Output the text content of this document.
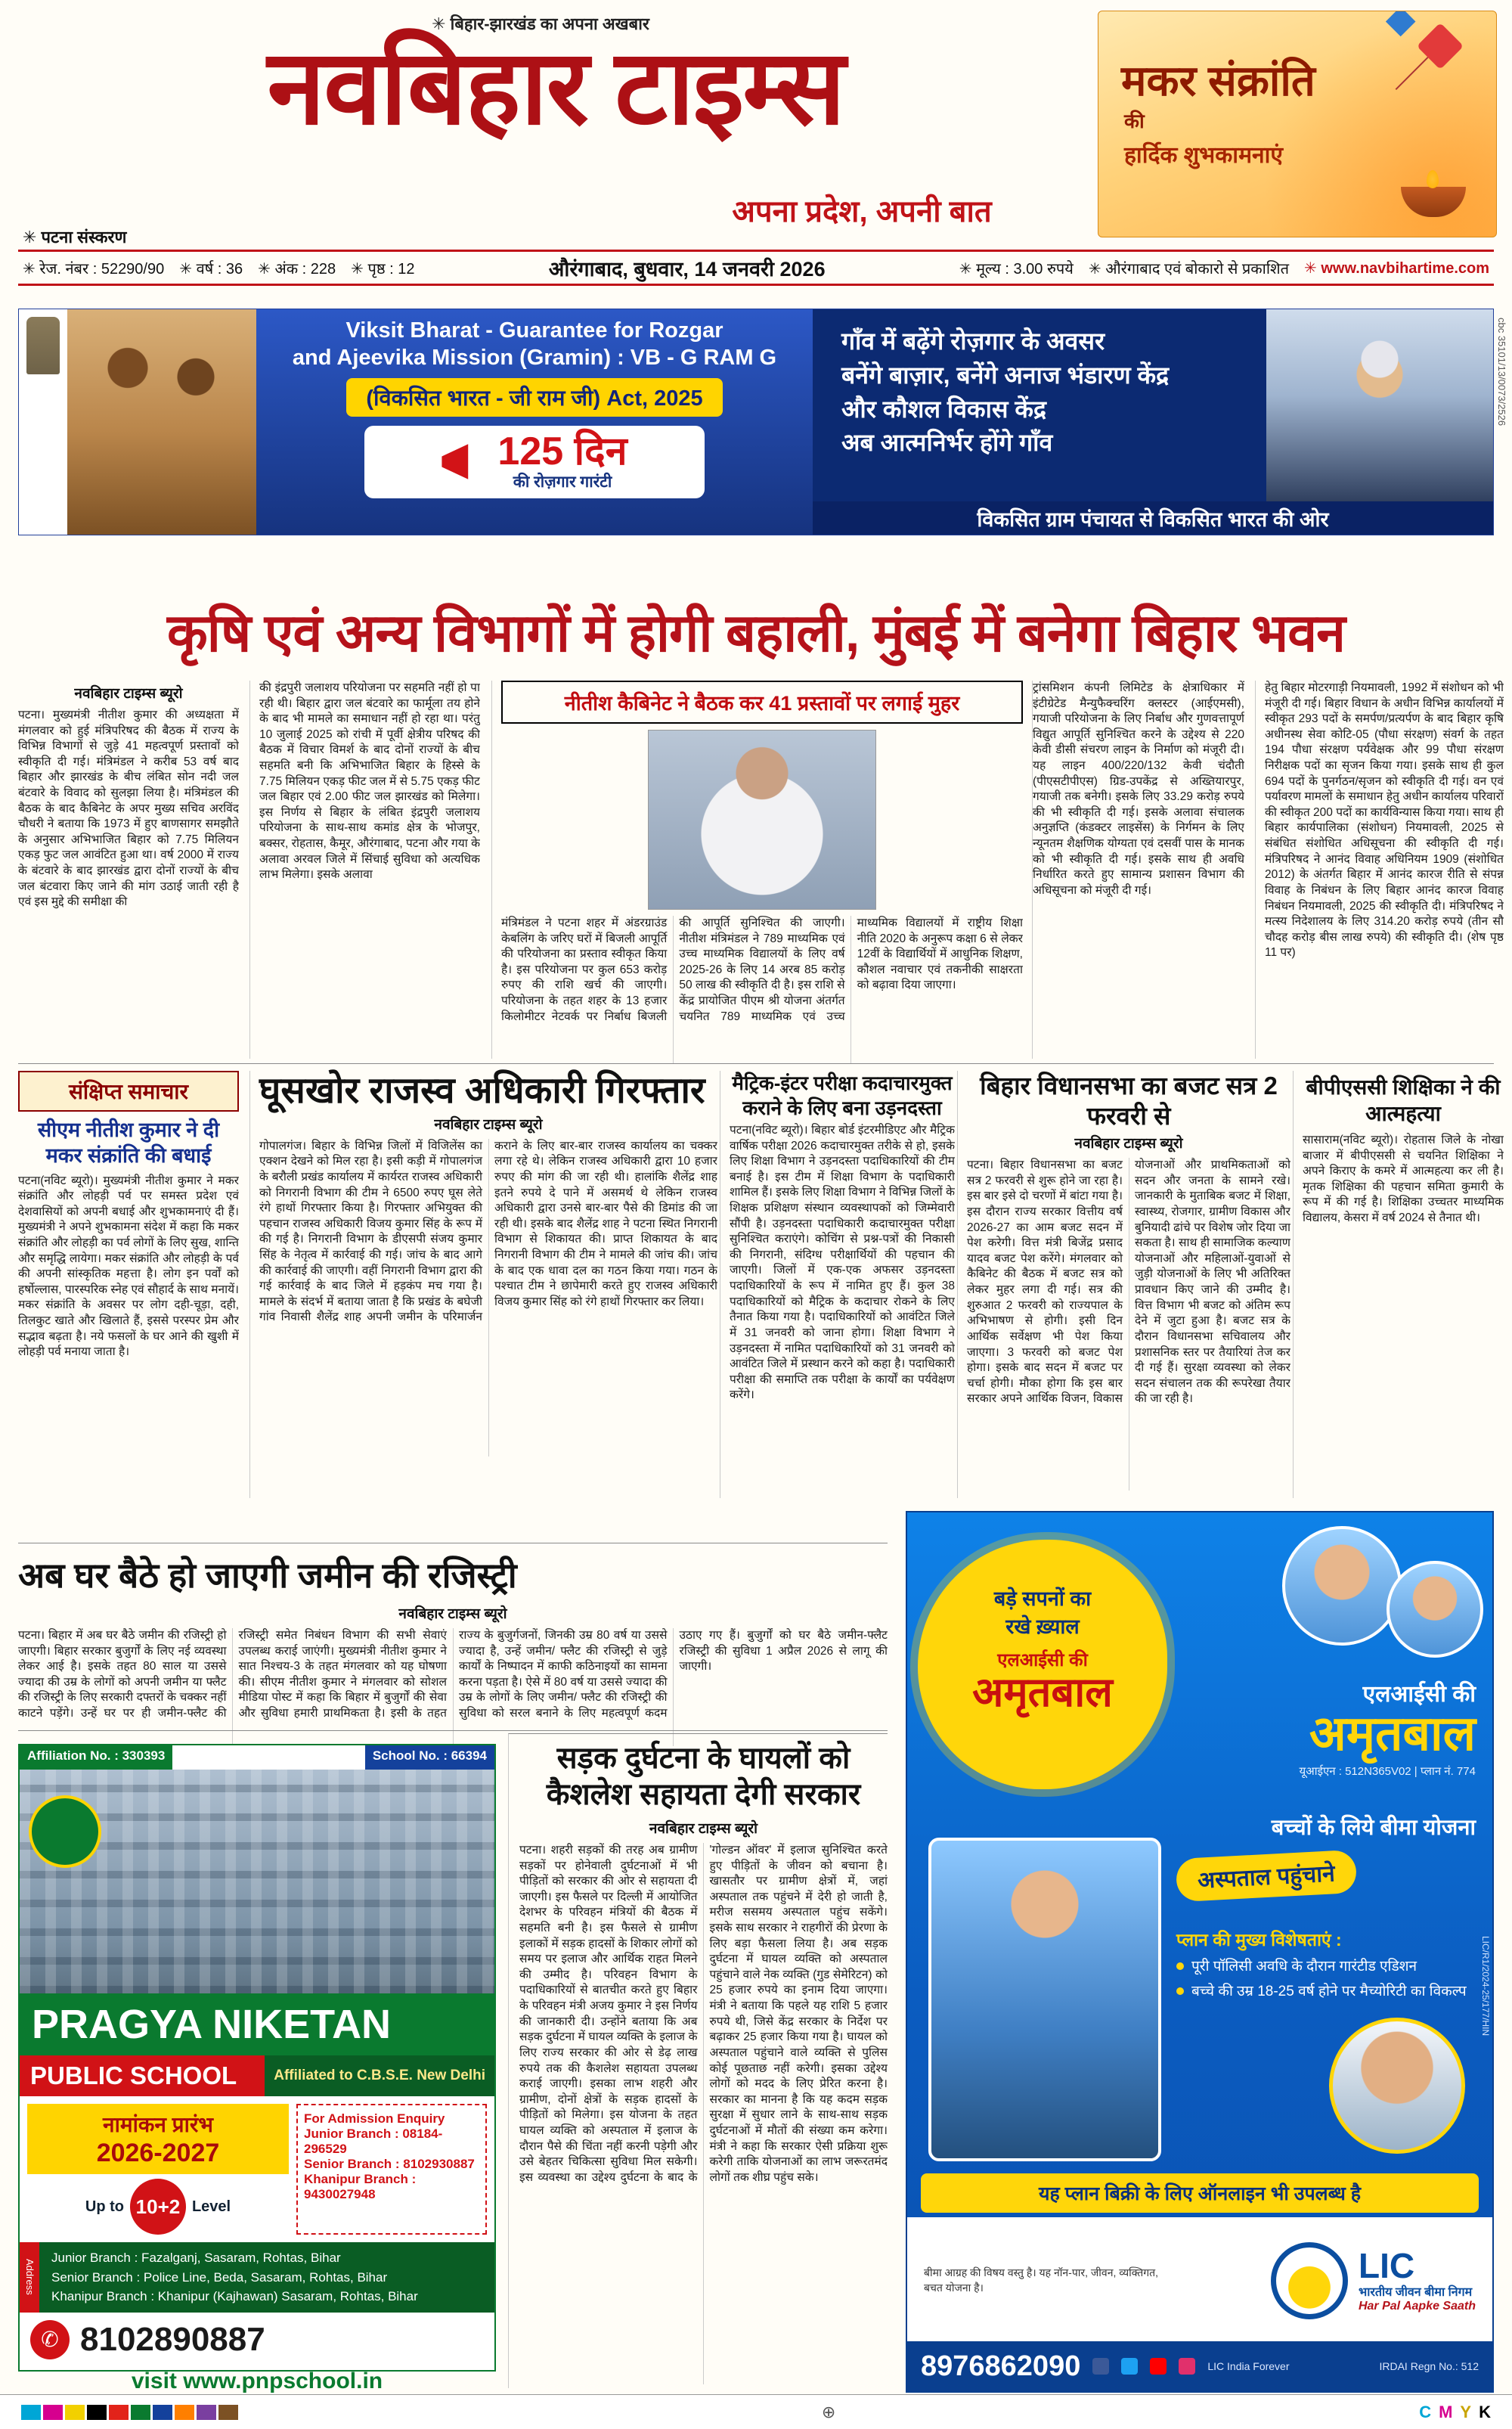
✳ बिहार-झारखंड का अपना अखबार
नवबिहार टाइम्स
अपना प्रदेश, अपनी बात
✳ पटना संस्करण
मकर संक्रांति
की
हार्दिक शुभकामनाएं
✳ रेज. नंबर : 52290/90 ✳ वर्ष : 36 ✳ अंक : 228 ✳ पृष्ठ : 12	औरंगाबाद, बुधवार, 14 जनवरी 2026	✳ मूल्य : 3.00 रुपये ✳ औरंगाबाद एवं बोकारो से प्रकाशित ✳ www.navbihartime.com
Viksit Bharat - Guarantee for Rozgar
and Ajeevika Mission (Gramin) : VB - G RAM G
(विकसित भारत - जी राम जी) Act, 2025
125 दिन
की रोज़गार गारंटी
गाँव में बढ़ेंगे रोज़गार के अवसर
बनेंगे बाज़ार, बनेंगे अनाज भंडारण केंद्र
और कौशल विकास केंद्र
अब आत्मनिर्भर होंगे गाँव
विकसित ग्राम पंचायत से विकसित भारत की ओर
cbc 35101/13/0073/2526
कृषि एवं अन्य विभागों में होगी बहाली, मुंबई में बनेगा बिहार भवन
नवबिहार टाइम्स ब्यूरो
पटना। मुख्यमंत्री नीतीश कुमार की अध्यक्षता में मंगलवार को हुई मंत्रिपरिषद की बैठक में राज्य के विभिन्न विभागों से जुड़े 41 महत्वपूर्ण प्रस्तावों को स्वीकृति दी गई। मंत्रिमंडल ने करीब 53 वर्ष बाद बिहार और झारखंड के बीच लंबित सोन नदी जल बंटवारे के विवाद को सुलझा लिया है। मंत्रिमंडल की बैठक के बाद कैबिनेट के अपर मुख्य सचिव अरविंद चौधरी ने बताया कि 1973 में हुए बाणसागर समझौते के अनुसार अभिभाजित बिहार को 7.75 मिलियन एकड़ फुट जल आवंटित हुआ था। वर्ष 2000 में राज्य के बंटवारे के बाद झारखंड द्वारा दोनों राज्यों के बीच जल बंटवारा किए जाने की मांग उठाई जाती रही है एवं इस मुद्दे की समीक्षा की
की इंद्रपुरी जलाशय परियोजना पर सहमति नहीं हो पा रही थी। बिहार द्वारा जल बंटवारे का फार्मूला तय होने के बाद भी मामले का समाधान नहीं हो रहा था। परंतु 10 जुलाई 2025 को रांची में पूर्वी क्षेत्रीय परिषद की बैठक में विचार विमर्श के बाद दोनों राज्यों के बीच सहमति बनी कि अभिभाजित बिहार के हिस्से के 7.75 मिलियन एकड़ फीट जल में से 5.75 एकड़ फीट जल बिहार एवं 2.00 फीट जल झारखंड को मिलेगा। इस निर्णय से बिहार के लंबित इंद्रपुरी जलाशय परियोजना के साथ-साथ कमांड क्षेत्र के भोजपुर, बक्सर, रोहतास, कैमूर, औरंगाबाद, पटना और गया के अलावा अरवल जिले में सिंचाई सुविधा को अत्यधिक लाभ मिलेगा। इसके अलावा
नीतीश कैबिनेट ने बैठक कर 41 प्रस्तावों पर लगाई मुहर
मंत्रिमंडल ने पटना शहर में अंडरग्राउंड केबलिंग के जरिए घरों में बिजली आपूर्ति की परियोजना का प्रस्ताव स्वीकृत किया है। इस परियोजना पर कुल 653 करोड़ रुपए की राशि खर्च की जाएगी। परियोजना के तहत शहर के 13 हजार किलोमीटर नेटवर्क पर निर्बाध बिजली की आपूर्ति सुनिश्चित की जाएगी। नीतीश मंत्रिमंडल ने 789 माध्यमिक एवं उच्च माध्यमिक विद्यालयों के लिए वर्ष 2025-26 के लिए 14 अरब 85 करोड़ 50 लाख की स्वीकृति दी है। इस राशि से केंद्र प्रायोजित पीएम श्री योजना अंतर्गत चयनित 789 माध्यमिक एवं उच्च माध्यमिक विद्यालयों में राष्ट्रीय शिक्षा नीति 2020 के अनुरूप कक्षा 6 से लेकर 12वीं के विद्यार्थियों में आधुनिक शिक्षण, कौशल नवाचार एवं तकनीकी साक्षरता को बढ़ावा दिया जाएगा।
ट्रांसमिशन कंपनी लिमिटेड के क्षेत्राधिकार में इंटीग्रेटेड मैन्युफैक्चरिंग क्लस्टर (आईएमसी), गयाजी परियोजना के लिए निर्बाध और गुणवत्तापूर्ण विद्युत आपूर्ति सुनिश्चित करने के उद्देश्य से 220 केवी डीसी संचरण लाइन के निर्माण को मंजूरी दी। यह लाइन 400/220/132 केवी चंदौती (पीएसटीपीएस) ग्रिड-उपकेंद्र से अख्तियारपुर, गयाजी तक बनेगी। इसके लिए 33.29 करोड़ रुपये की भी स्वीकृति दी गई। इसके अलावा संचालक अनुज्ञप्ति (कंडक्टर लाइसेंस) के निर्गमन के लिए न्यूनतम शैक्षणिक योग्यता एवं दसवीं पास के मानक को भी स्वीकृति दी गई। इसके साथ ही अवधि निर्धारित करते हुए सामान्य प्रशासन विभाग की अधिसूचना को मंजूरी दी गई।
हेतु बिहार मोटरगाड़ी नियमावली, 1992 में संशोधन को भी मंजूरी दी गई। बिहार विधान के अधीन विभिन्न कार्यालयों में स्वीकृत 293 पदों के समर्पण/प्रत्यर्पण के बाद बिहार कृषि अधीनस्थ सेवा कोटि-05 (पौधा संरक्षण) संवर्ग के तहत 194 पौधा संरक्षण पर्यवेक्षक और 99 पौधा संरक्षण निरीक्षक पदों का सृजन किया गया। इसके साथ ही कुल 694 पदों के पुनर्गठन/सृजन को स्वीकृति दी गई। वन एवं पर्यावरण मामलों के समाधान हेतु अधीन कार्यालय परिवारों की स्वीकृत 200 पदों का कार्यविन्यास किया गया। साथ ही बिहार कार्यपालिका (संशोधन) नियमावली, 2025 से संबंधित संशोधित अधिसूचना की स्वीकृति दी गई। मंत्रिपरिषद ने आनंद विवाह अधिनियम 1909 (संशोधित 2012) के अंतर्गत बिहार में आनंद कारज रीति से संपन्न विवाह के निबंधन के लिए बिहार आनंद कारज विवाह निबंधन नियमावली, 2025 की स्वीकृति दी। मंत्रिपरिषद ने मत्स्य निदेशालय के लिए 314.20 करोड़ रुपये (तीन सौ चौदह करोड़ बीस लाख रुपये) की स्वीकृति दी। (शेष पृष्ठ 11 पर)
संक्षिप्त समाचार
सीएम नीतीश कुमार ने दी मकर संक्रांति की बधाई
पटना(नविट ब्यूरो)। मुख्यमंत्री नीतीश कुमार ने मकर संक्रांति और लोहड़ी पर्व पर समस्त प्रदेश एवं देशवासियों को अपनी बधाई और शुभकामनाएं दी हैं। मुख्यमंत्री ने अपने शुभकामना संदेश में कहा कि मकर संक्रांति और लोहड़ी का पर्व लोगों के लिए सुख, शान्ति और समृद्धि लायेगा। मकर संक्रांति और लोहड़ी के पर्व की अपनी सांस्कृतिक महत्ता है। लोग इन पर्वों को हर्षोल्लास, पारस्परिक स्नेह एवं सौहार्द के साथ मनायें। मकर संक्रांति के अवसर पर लोग दही-चूड़ा, दही, तिलकुट खाते और खिलाते हैं, इससे परस्पर प्रेम और सद्भाव बढ़ता है। नये फसलों के घर आने की खुशी में लोहड़ी पर्व मनाया जाता है।
घूसखोर राजस्व अधिकारी गिरफ्तार
नवबिहार टाइम्स ब्यूरो
गोपालगंज। बिहार के विभिन्न जिलों में विजिलेंस का एक्शन देखने को मिल रहा है। इसी कड़ी में गोपालगंज के बरौली प्रखंड कार्यालय में कार्यरत राजस्व अधिकारी को निगरानी विभाग की टीम ने 6500 रुपए घूस लेते रंगे हाथों गिरफ्तार किया है। गिरफ्तार अभियुक्त की पहचान राजस्व अधिकारी विजय कुमार सिंह के रूप में की गई है। निगरानी विभाग के डीएसपी संजय कुमार सिंह के नेतृत्व में कार्रवाई की गई। जांच के बाद आगे की कार्रवाई की जाएगी। वहीं निगरानी विभाग द्वारा की गई कार्रवाई के बाद जिले में हड़कंप मच गया है। मामले के संदर्भ में बताया जाता है कि प्रखंड के बघेजी गांव निवासी शैलेंद्र शाह अपनी जमीन के परिमार्जन कराने के लिए बार-बार राजस्व कार्यालय का चक्कर लगा रहे थे। लेकिन राजस्व अधिकारी द्वारा 10 हजार रुपए की मांग की जा रही थी। हालांकि शैलेंद्र शाह इतने रुपये दे पाने में असमर्थ थे लेकिन राजस्व अधिकारी द्वारा उनसे बार-बार पैसे की डिमांड की जा रही थी। इसके बाद शैलेंद्र शाह ने पटना स्थित निगरानी विभाग से शिकायत की। प्राप्त शिकायत के बाद निगरानी विभाग की टीम ने मामले की जांच की। जांच के बाद एक धावा दल का गठन किया गया। गठन के पश्चात टीम ने छापेमारी करते हुए राजस्व अधिकारी विजय कुमार सिंह को रंगे हाथों गिरफ्तार कर लिया।
मैट्रिक-इंटर परीक्षा कदा​चारमुक्त कराने के लिए बना उड़नदस्ता
पटना(नविट ब्यूरो)। बिहार बोर्ड इंटरमीडिएट और मैट्रिक वार्षिक परीक्षा 2026 कदाचारमुक्त तरीके से हो, इसके लिए शिक्षा विभाग ने उड़नदस्ता पदाधिकारियों की टीम बनाई है। इस टीम में शिक्षा विभाग के पदाधिकारी शामिल हैं। इसके लिए शिक्षा विभाग ने विभिन्न जिलों के शिक्षक प्रशिक्षण संस्थान व्यवस्थापकों को जिम्मेवारी सौंपी है। उड़नदस्ता पदाधिकारी कदाचारमुक्त परीक्षा सुनिश्चित कराएंगे। कोचिंग से प्रश्न-पत्रों की निकासी की निगरानी, संदिग्ध परीक्षार्थियों की पहचान की जाएगी। जिलों में एक-एक अफसर उड़नदस्ता पदाधिकारियों के रूप में नामित हुए हैं। कुल 38 पदाधिकारियों को मैट्रिक के कदाचार रोकने के लिए तैनात किया गया है। पदाधिकारियों को आवंटित जिले में 31 जनवरी को जाना होगा। शिक्षा विभाग ने उड़नदस्ता में नामित पदाधिकारियों को 31 जनवरी को आवंटित जिले में प्रस्थान करने को कहा है। पदाधिकारी परीक्षा की समाप्ति तक परीक्षा के कार्यों का पर्यवेक्षण करेंगे।
बिहार विधानसभा का बजट सत्र 2 फरवरी से
नवबिहार टाइम्स ब्यूरो
पटना। बिहार विधानसभा का बजट सत्र 2 फरवरी से शुरू होने जा रहा है। इस बार इसे दो चरणों में बांटा गया है। इस दौरान राज्य सरकार वित्तीय वर्ष 2026-27 का आम बजट सदन में पेश करेगी। वित्त मंत्री बिजेंद्र प्रसाद यादव बजट पेश करेंगे। मंगलवार को कैबिनेट की बैठक में बजट सत्र को लेकर मुहर लगा दी गई। सत्र की शुरुआत 2 फरवरी को राज्यपाल के अभिभाषण से होगी। इसी दिन आर्थिक सर्वेक्षण भी पेश किया जाएगा। 3 फरवरी को बजट पेश होगा। इसके बाद सदन में बजट पर चर्चा होगी। मौका होगा कि इस बार सरकार अपने आर्थिक विजन, विकास योजनाओं और प्राथमिकताओं को सदन और जनता के सामने रखे। जानकारी के मुताबिक बजट में शिक्षा, स्वास्थ्य, रोजगार, ग्रामीण विकास और बुनियादी ढांचे पर विशेष जोर दिया जा सकता है। साथ ही सामाजिक कल्याण योजनाओं और महिलाओं-युवाओं से जुड़ी योजनाओं के लिए भी अतिरिक्त प्रावधान किए जाने की उम्मीद है। वित्त विभाग भी बजट को अंतिम रूप देने में जुटा हुआ है। बजट सत्र के दौरान विधानसभा सचिवालय और प्रशासनिक स्तर पर तैयारियां तेज कर दी गई हैं। सुरक्षा व्यवस्था को लेकर सदन संचालन तक की रूपरेखा तैयार की जा रही है।
बीपीएससी शिक्षिका ने की आत्महत्या
सासाराम(नविट ब्यूरो)। रोहतास जिले के नोखा बाजार में बीपीएससी से चयनित शिक्षिका ने अपने किराए के कमरे में आत्महत्या कर ली है। मृतक शिक्षिका की पहचान समिता कुमारी के रूप में की गई है। शिक्षिका उच्चतर माध्यमिक विद्यालय, केसरा में वर्ष 2024 से तैनात थी।
अब घर बैठे हो जाएगी जमीन की रजिस्ट्री
नवबिहार टाइम्स ब्यूरो
पटना। बिहार में अब घर बैठे जमीन की रजिस्ट्री हो जाएगी। बिहार सरकार बुजुर्गों के लिए नई व्यवस्था लेकर आई है। इसके तहत 80 साल या उससे ज्यादा की उम्र के लोगों को अपनी जमीन या फ्लैट की रजिस्ट्री के लिए सरकारी दफ्तरों के चक्कर नहीं काटने पड़ेंगे। उन्हें घर पर ही जमीन-फ्लैट की रजिस्ट्री समेत निबंधन विभाग की सभी सेवाएं उपलब्ध कराई जाएंगी। मुख्यमंत्री नीतीश कुमार ने सात निश्चय-3 के तहत मंगलवार को यह घोषणा की। सीएम नीतीश कुमार ने मंगलवार को सोशल मीडिया पोस्ट में कहा कि बिहार में बुजुर्गों की सेवा और सुविधा हमारी प्राथमिकता है। इसी के तहत राज्य के बुजुर्गजनों, जिनकी उम्र 80 वर्ष या उससे ज्यादा है, उन्हें जमीन/ फ्लैट की रजिस्ट्री से जुड़े कार्यों के निष्पादन में काफी कठिनाइयों का सामना करना पड़ता है। ऐसे में 80 वर्ष या उससे ज्यादा की उम्र के लोगों के लिए जमीन/ फ्लैट की रजिस्ट्री की सुविधा को सरल बनाने के लिए महत्वपूर्ण कदम उठाए गए हैं। बुजुर्गों को घर बैठे जमीन-फ्लैट रजिस्ट्री की सुविधा 1 अप्रैल 2026 से लागू की जाएगी।
बड़े सपनों का
रखे ख़्याल
एलआईसी की
अमृतबाल	एलआईसी की
अमृतबाल
यूआईएन : 512N365V02 | प्लान नं. 774
बच्चों के लिये बीमा योजना
अस्पताल पहुंचाने
प्लान की मुख्य विशेषताएं :
पूरी पॉलिसी अवधि के दौरान गारंटीड एडिशन
बच्चे की उम्र 18-25 वर्ष होने पर मैच्योरिटी का विकल्प
यह प्लान बिक्री के लिए ऑनलाइन भी उपलब्ध है
बीमा आग्रह की विषय वस्तु है। यह नॉन-पार, जीवन, व्यक्तिगत, बचत योजना है।
LIC
भारतीय जीवन बीमा निगम
Har Pal Aapke Saath
8976862090	LIC India Forever	IRDAI Regn No.: 512
LIC/R1/2024-25/177/HIN
Affiliation No. : 330393	School No. : 66394
PRAGYA NIKETAN
PUBLIC SCHOOL	Affiliated to C.B.S.E. New Delhi
नामांकन प्रारंभ
2026-2027
Up to 10+2 Level
For Admission Enquiry
Junior Branch : 08184-296529
Senior Branch : 8102930887
Khanipur Branch : 9430027948
Address
Junior Branch : Fazalganj, Sasaram, Rohtas, Bihar
Senior Branch : Police Line, Beda, Sasaram, Rohtas, Bihar
Khanipur Branch : Khanipur (Kajhawan) Sasaram, Rohtas, Bihar
✆ 8102890887
visit www.pnpschool.in
सड़क दुर्घटना के घायलों को कैशलेश सहायता देगी सरकार
नवबिहार टाइम्स ब्यूरो
पटना। शहरी सड़कों की तरह अब ग्रामीण सड़कों पर होनेवाली दुर्घटनाओं में भी पीड़ितों को सरकार की ओर से सहायता दी जाएगी। इस फैसले पर दिल्ली में आयोजित देशभर के परिवहन मंत्रियों की बैठक में सहमति बनी है। इस फैसले से ग्रामीण इलाकों में सड़क हादसों के शिकार लोगों को समय पर इलाज और आर्थिक राहत मिलने की उम्मीद है। परिवहन विभाग के पदाधिकारियों से बातचीत करते हुए बिहार के परिवहन मंत्री अजय कुमार ने इस निर्णय की जानकारी दी। उन्होंने बताया कि अब सड़क दुर्घटना में घायल व्यक्ति के इलाज के लिए राज्य सरकार की ओर से डेढ़ लाख रुपये तक की कैशलेश सहायता उपलब्ध कराई जाएगी। इसका लाभ शहरी और ग्रामीण, दोनों क्षेत्रों के सड़क हादसों के पीड़ितों को मिलेगा। इस योजना के तहत घायल व्यक्ति को अस्पताल में इलाज के दौरान पैसे की चिंता नहीं करनी पड़ेगी और उसे बेहतर चिकित्सा सुविधा मिल सकेगी। इस व्यवस्था का उद्देश्य दुर्घटना के बाद के 'गोल्डन ऑवर' में इलाज सुनिश्चित करते हुए पीड़ितों के जीवन को बचाना है। खासतौर पर ग्रामीण क्षेत्रों में, जहां अस्पताल तक पहुंचने में देरी हो जाती है, मरीज ससमय अस्पताल पहुंच सकेंगे। इसके साथ सरकार ने राहगीरों की प्रेरणा के लिए बड़ा फैसला लिया है। अब सड़क दुर्घटना में घायल व्यक्ति को अस्पताल पहुंचाने वाले नेक व्यक्ति (गुड सेमेरिटन) को 25 हजार रुपये का इनाम दिया जाएगा। मंत्री ने बताया कि पहले यह राशि 5 हजार रुपये थी, जिसे केंद्र सरकार के निर्देश पर बढ़ाकर 25 हजार किया गया है। घायल को अस्पताल पहुंचाने वाले व्यक्ति से पुलिस कोई पूछताछ नहीं करेगी। इसका उद्देश्य लोगों को मदद के लिए प्रेरित करना है। सरकार का मानना है कि यह कदम सड़क सुरक्षा में सुधार लाने के साथ-साथ सड़क दुर्घटनाओं में मौतों की संख्या कम करेगा। मंत्री ने कहा कि सरकार ऐसी प्रक्रिया शुरू करेगी ताकि योजनाओं का लाभ जरूरतमंद लोगों तक शीघ्र पहुंच सके।
⊕	C M Y K
